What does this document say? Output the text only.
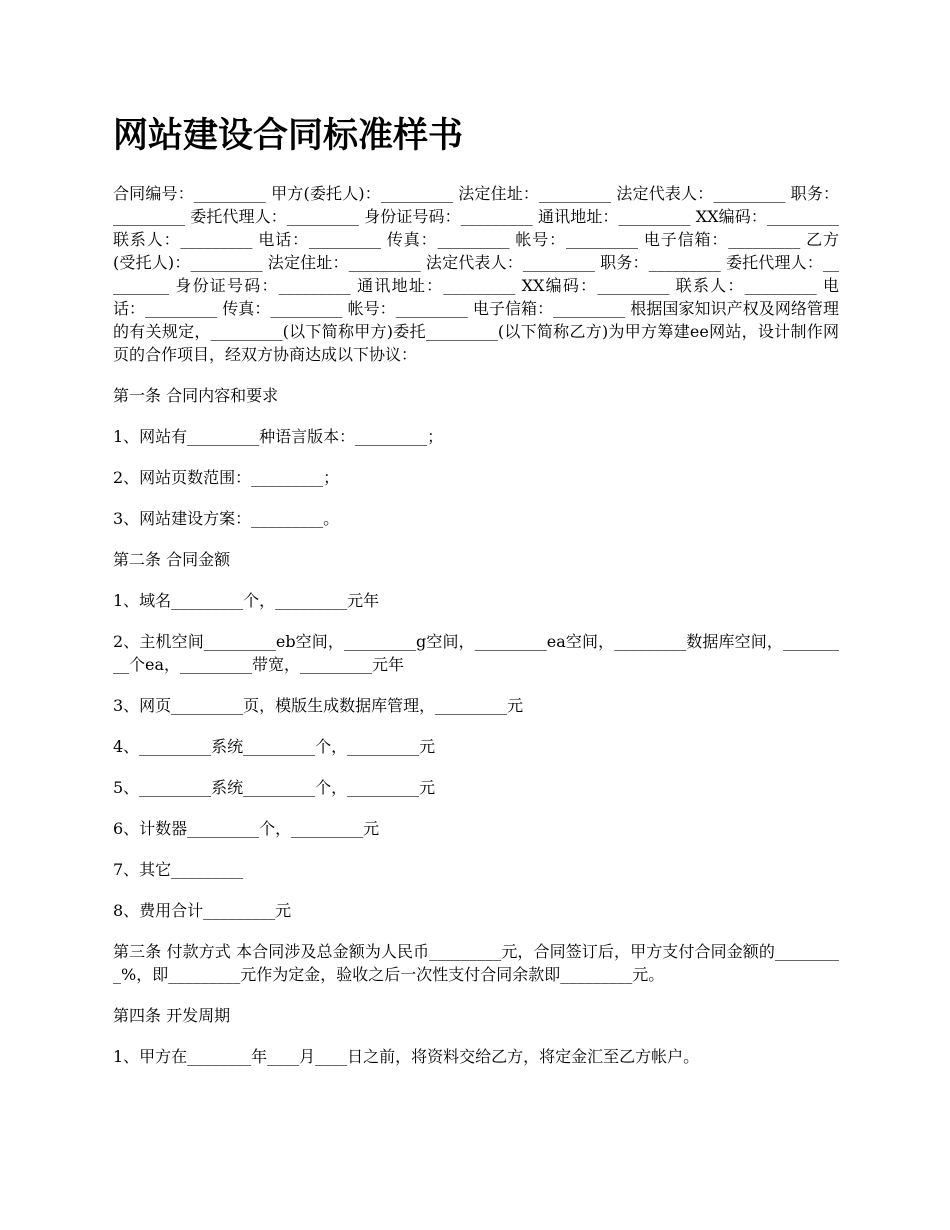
网站建设合同标准样书

合同编号：_________ 甲方(委托人)：_________ 法定住址：_________ 法定代表人：_________ 职务：_________ 委托代理人：_________ 身份证号码：_________ 通讯地址：_________ XX编码：_________ 联系人：_________ 电话：_________ 传真：_________ 帐号：_________ 电子信箱：_________ 乙方(受托人)：_________ 法定住址：_________ 法定代表人：_________ 职务：_________ 委托代理人：_________ 身份证号码：_________ 通讯地址：_________ XX编码：_________ 联系人：_________ 电话：_________ 传真：_________ 帐号：_________ 电子信箱：_________ 根据国家知识产权及网络管理的有关规定，_________(以下简称甲方)委托_________(以下简称乙方)为甲方筹建ee网站，设计制作网页的合作项目，经双方协商达成以下协议：

第一条 合同内容和要求

1、网站有_________种语言版本：_________；

2、网站页数范围：_________；

3、网站建设方案：_________。

第二条 合同金额

1、域名_________个，_________元年

2、主机空间_________eb空间，_________g空间，_________ea空间，_________数据库空间，_________个ea，_________带宽，_________元年

3、网页_________页，模版生成数据库管理，_________元

4、_________系统_________个，_________元

5、_________系统_________个，_________元

6、计数器_________个，_________元

7、其它_________

8、费用合计_________元

第三条 付款方式 本合同涉及总金额为人民币_________元，合同签订后，甲方支付合同金额的_________%，即_________元作为定金，验收之后一次性支付合同余款即_________元。

第四条 开发周期

1、甲方在________年____月____日之前，将资料交给乙方，将定金汇至乙方帐户。
